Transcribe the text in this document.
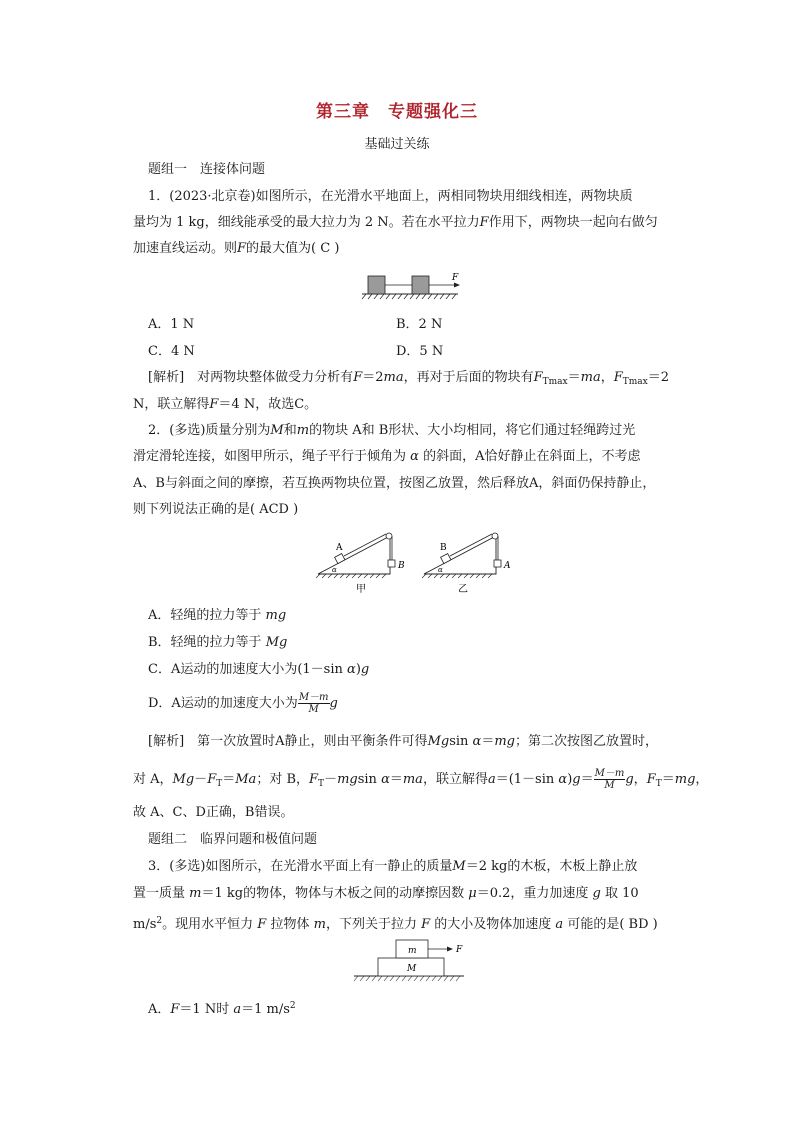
第三章　专题强化三
基础过关练
题组一　连接体问题
1．(2023·北京卷)如图所示，在光滑水平地面上，两相同物块用细线相连，两物块质
量均为 1 kg，细线能承受的最大拉力为 2 N。若在水平拉力F作用下，两物块一起向右做匀
加速直线运动。则F的最大值为( C )
F
A．1 N	B．2 N
C．4 N	D．5 N
[解析]　 对两物块整体做受力分析有F＝2ma，再对于后面的物块有$F_{Tmax}=ma$，$F_{Tmax}=2$
N，联立解得F＝4 N，故选C。
2．(多选)质量分别为M和m的物块 A和 B形状、大小均相同，将它们通过轻绳跨过光
滑定滑轮连接，如图甲所示，绳子平行于倾角为 α 的斜面，A恰好静止在斜面上，不考虑
A、B与斜面之间的摩擦，若互换两物块位置，按图乙放置，然后释放A，斜面仍保持静止，
则下列说法正确的是( ACD )
A
B
α
甲
B
A
α
乙
A．轻绳的拉力等于 mg
B．轻绳的拉力等于 Mg
C．A运动的加速度大小为(1－sin α)g
D．A运动的加速度大小为 $\frac{M-m}{M}$ g
[解析]　 第一次放置时A静止，则由平衡条件可得Mgsin α＝mg；第二次按图乙放置时，
对 A，$Mg-F_T=Ma$；对 B，$F_T-mgsin$ α＝ma，联立解得a＝(1－sin $\alpha)g= \frac{M-m}{M}$ g，$F_T=mg$，
故 A、C、D正确，B错误。
题组二　临界问题和极值问题
3．(多选)如图所示，在光滑水平面上有一静止的质量M＝2 kg的木板，木板上静止放
置一质量 m＝1 kg的物体，物体与木板之间的动摩擦因数 μ＝0.2，重力加速度 g 取 10
$m/s^2$。现用水平恒力 F 拉物体 m，下列关于拉力 F 的大小及物体加速度 a 可能的是( BD )
m
M
F
A．F＝1 N时 a＝1 $m/s^2$
